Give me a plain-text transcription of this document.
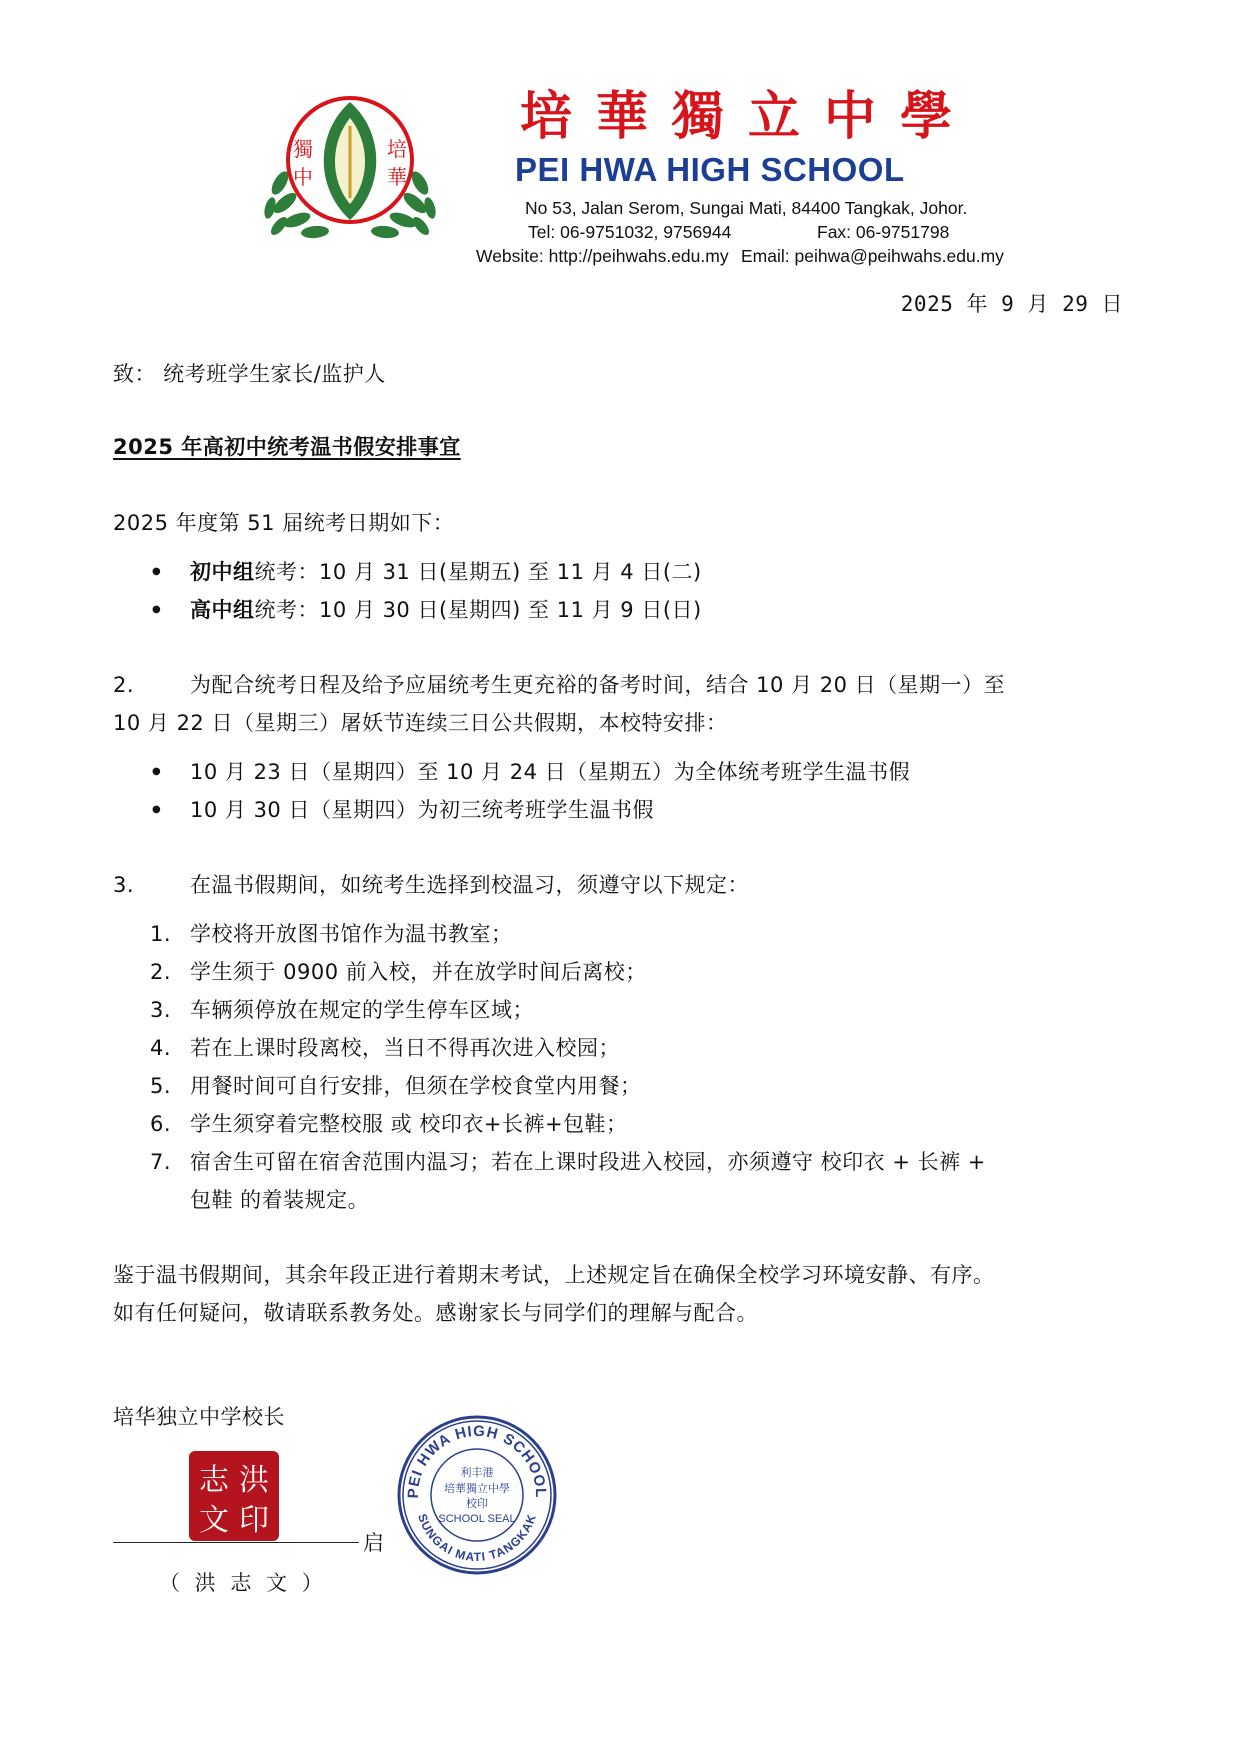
獨
中
培
華
培華獨立中學
PEI HWA HIGH SCHOOL
No 53, Jalan Serom, Sungai Mati, 84400 Tangkak, Johor.
Tel: 06-9751032, 9756944	Fax: 06-9751798
Website: http://peihwahs.edu.my Email: peihwa@peihwahs.edu.my
2025 年 9 月 29 日
致： 统考班学生家长/监护人
2025 年高初中统考温书假安排事宜
2025 年度第 51 届统考日期如下：
● 初中组统考：10 月 31 日(星期五) 至 11 月 4 日(二)
● 高中组统考：10 月 30 日(星期四) 至 11 月 9 日(日)
2.	为配合统考日程及给予应届统考生更充裕的备考时间，结合 10 月 20 日（星期一）至
10 月 22 日（星期三）屠妖节连续三日公共假期，本校特安排：
● 10 月 23 日（星期四）至 10 月 24 日（星期五）为全体统考班学生温书假
● 10 月 30 日（星期四）为初三统考班学生温书假
3.	在温书假期间，如统考生选择到校温习，须遵守以下规定：
1. 学校将开放图书馆作为温书教室；
2. 学生须于 0900 前入校，并在放学时间后离校；
3. 车辆须停放在规定的学生停车区域；
4. 若在上课时段离校，当日不得再次进入校园；
5. 用餐时间可自行安排，但须在学校食堂内用餐；
6. 学生须穿着完整校服 或 校印衣+长裤+包鞋；
7. 宿舍生可留在宿舍范围内温习；若在上课时段进入校园，亦须遵守 校印衣 + 长裤 +
包鞋 的着装规定。
鉴于温书假期间，其余年段正进行着期末考试，上述规定旨在确保全校学习环境安静、有序。
如有任何疑问，敬请联系教务处。感谢家长与同学们的理解与配合。
培华独立中学校长
启
（ 洪 志 文 ）
志 洪
文 印
PEI HWA HIGH SCHOOL
SUNGAI MATI TANGKAK
利丰港
培華獨立中學
校印
SCHOOL SEAL
